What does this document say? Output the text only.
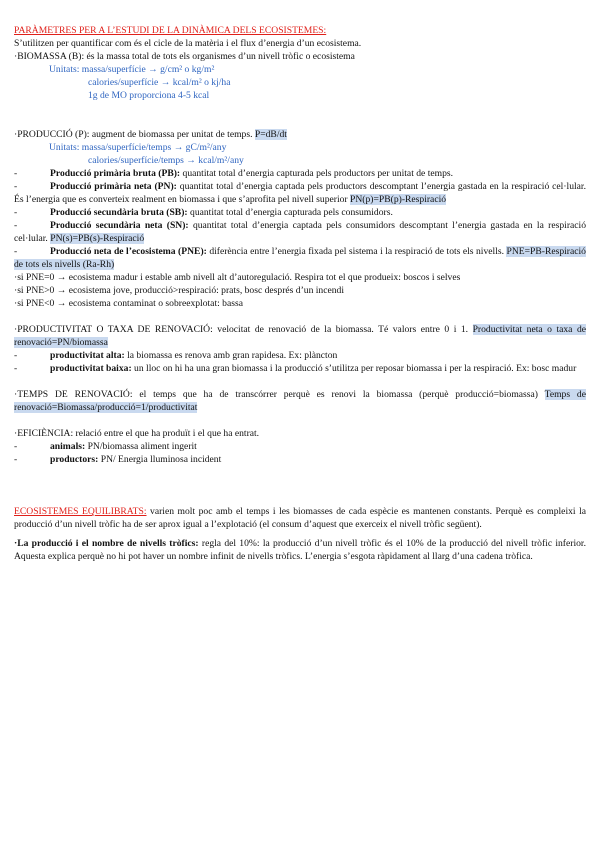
PARÀMETRES PER A L’ESTUDI DE LA DINÀMICA DELS ECOSISTEMES:
S’utilitzen per quantificar com és el cicle de la matèria i el flux d’energia d’un ecosistema.
·BIOMASSA (B): és la massa total de tots els organismes d’un nivell tròfic o ecosistema
Unitats: massa/superfície → g/cm² o kg/m²
calories/superfície → kcal/m² o kj/ha
1g de MO proporciona 4-5 kcal
·PRODUCCIÓ (P): augment de biomassa per unitat de temps. P=dB/dt
Unitats: massa/superfície/temps → gC/m²/any
calories/superfície/temps → kcal/m²/any
-	Producció primària bruta (PB): quantitat total d’energia capturada pels productors per unitat de temps.
-	Producció primària neta (PN): quantitat total d’energia captada pels productors descomptant l’energia gastada en la respiració cel·lular. És l’energia que es converteix realment en biomassa i que s’aprofita pel nivell superior PN(p)=PB(p)-Respiració
-	Producció secundària bruta (SB): quantitat total d’energia capturada pels consumidors.
-	Producció secundària neta (SN): quantitat total d’energia captada pels consumidors descomptant l’energia gastada en la respiració cel·lular. PN(s)=PB(s)-Respiració
-	Producció neta de l’ecosistema (PNE): diferència entre l’energia fixada pel sistema i la respiració de tots els nivells. PNE=PB-Respiració de tots els nivells (Ra-Rh)
·si PNE=0 → ecosistema madur i estable amb nivell alt d’autoregulació. Respira tot el que produeix: boscos i selves
·si PNE>0 → ecosistema jove, producció>respiració: prats, bosc després d’un incendi
·si PNE<0 → ecosistema contaminat o sobreexplotat: bassa
·PRODUCTIVITAT O TAXA DE RENOVACIÓ: velocitat de renovació de la biomassa. Té valors entre 0 i 1. Productivitat neta o taxa de renovació=PN/biomassa
-	productivitat alta: la biomassa es renova amb gran rapidesa. Ex: plàncton
-	productivitat baixa: un lloc on hi ha una gran biomassa i la producció s’utilitza per reposar biomassa i per la respiració. Ex: bosc madur
·TEMPS DE RENOVACIÓ: el temps que ha de transcórrer perquè es renovi la biomassa (perquè producció=biomassa) Temps de renovació=Biomassa/producció=1/productivitat
·EFICIÈNCIA: relació entre el que ha produït i el que ha entrat.
-	animals: PN/biomassa aliment ingerit
-	productors: PN/ Energia lluminosa incident
ECOSISTEMES EQUILIBRATS: varien molt poc amb el temps i les biomasses de cada espècie es mantenen constants. Perquè es compleixi la producció d’un nivell tròfic ha de ser aprox igual a l’explotació (el consum d’aquest que exerceix el nivell tròfic següent).
·La producció i el nombre de nivells tròfics: regla del 10%: la producció d’un nivell tròfic és el 10% de la producció del nivell tròfic inferior. Aquesta explica perquè no hi pot haver un nombre infinit de nivells tròfics. L’energia s’esgota ràpidament al llarg d’una cadena tròfica.
